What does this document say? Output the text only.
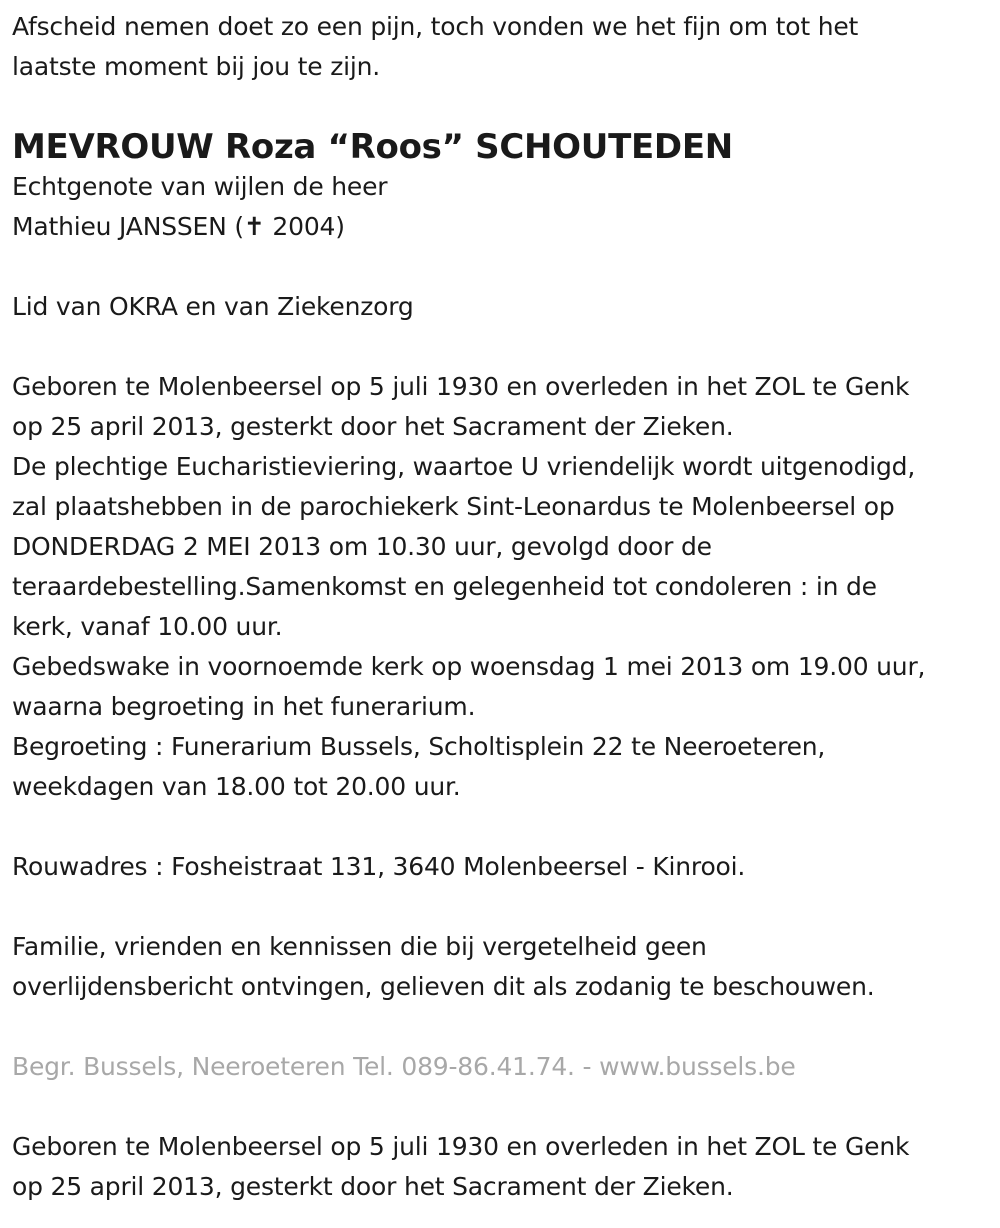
Afscheid nemen doet zo een pijn, toch vonden we het fijn om tot het
laatste moment bij jou te zijn.
MEVROUW Roza “Roos” SCHOUTEDEN
Echtgenote van wijlen de heer
Mathieu JANSSEN (✝ 2004)
Lid van OKRA en van Ziekenzorg
Geboren te Molenbeersel op 5 juli 1930 en overleden in het ZOL te Genk
op 25 april 2013, gesterkt door het Sacrament der Zieken.
De plechtige Eucharistieviering, waartoe U vriendelijk wordt uitgenodigd,
zal plaatshebben in de parochiekerk Sint-Leonardus te Molenbeersel op
DONDERDAG 2 MEI 2013 om 10.30 uur, gevolgd door de
teraardebestelling.Samenkomst en gelegenheid tot condoleren : in de
kerk, vanaf 10.00 uur.
Gebedswake in voornoemde kerk op woensdag 1 mei 2013 om 19.00 uur,
waarna begroeting in het funerarium.
Begroeting : Funerarium Bussels, Scholtisplein 22 te Neeroeteren,
weekdagen van 18.00 tot 20.00 uur.
Rouwadres : Fosheistraat 131, 3640 Molenbeersel - Kinrooi.
Familie, vrienden en kennissen die bij vergetelheid geen
overlijdensbericht ontvingen, gelieven dit als zodanig te beschouwen.
Begr. Bussels, Neeroeteren Tel. 089-86.41.74. - www.bussels.be
Geboren te Molenbeersel op 5 juli 1930 en overleden in het ZOL te Genk
op 25 april 2013, gesterkt door het Sacrament der Zieken.
